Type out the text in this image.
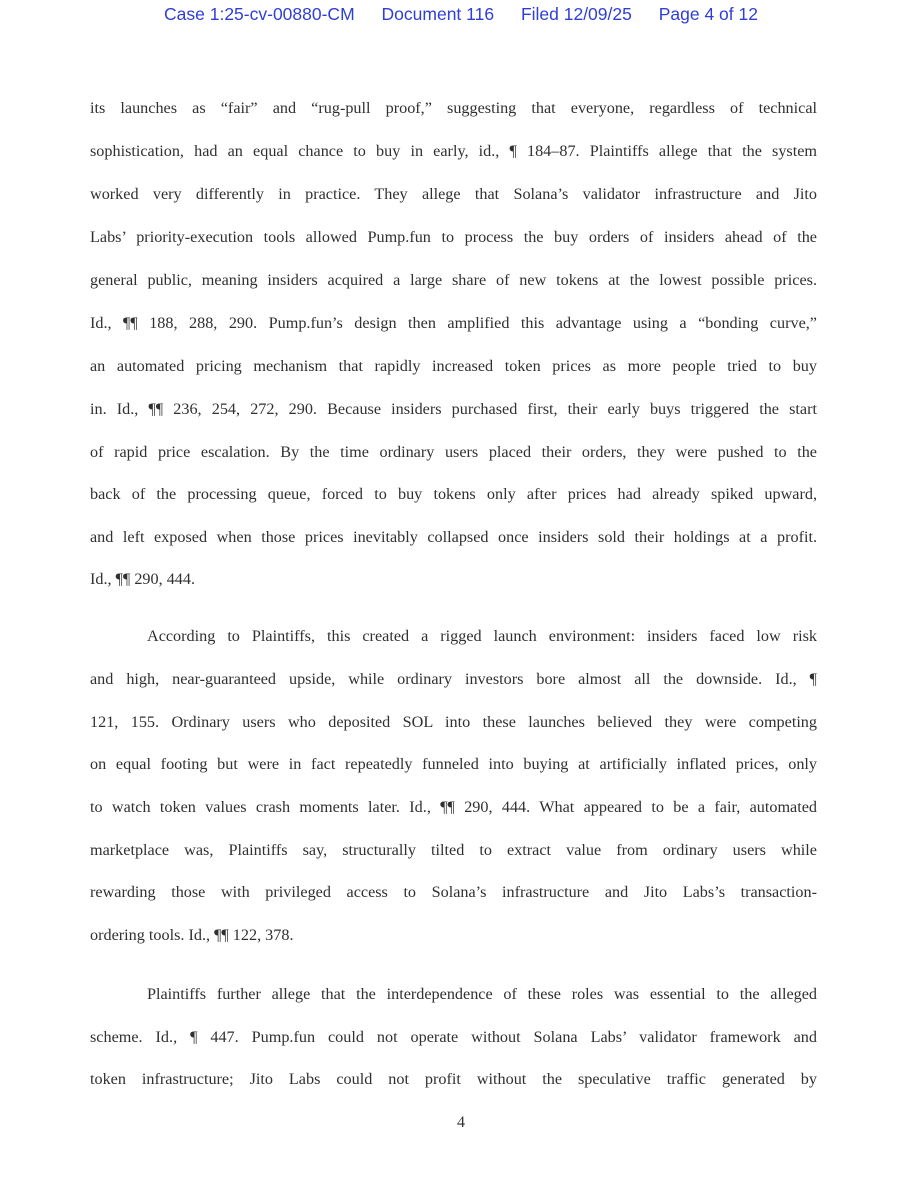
Case 1:25-cv-00880-CM Document 116 Filed 12/09/25 Page 4 of 12
its launches as “fair” and “rug-pull proof,” suggesting that everyone, regardless of technical
sophistication, had an equal chance to buy in early, id., ¶ 184–87. Plaintiffs allege that the system
worked very differently in practice. They allege that Solana’s validator infrastructure and Jito
Labs’ priority-execution tools allowed Pump.fun to process the buy orders of insiders ahead of the
general public, meaning insiders acquired a large share of new tokens at the lowest possible prices.
Id., ¶¶ 188, 288, 290. Pump.fun’s design then amplified this advantage using a “bonding curve,”
an automated pricing mechanism that rapidly increased token prices as more people tried to buy
in. Id., ¶¶ 236, 254, 272, 290. Because insiders purchased first, their early buys triggered the start
of rapid price escalation. By the time ordinary users placed their orders, they were pushed to the
back of the processing queue, forced to buy tokens only after prices had already spiked upward,
and left exposed when those prices inevitably collapsed once insiders sold their holdings at a profit.
Id., ¶¶ 290, 444.
According to Plaintiffs, this created a rigged launch environment: insiders faced low risk
and high, near-guaranteed upside, while ordinary investors bore almost all the downside. Id., ¶
121, 155. Ordinary users who deposited SOL into these launches believed they were competing
on equal footing but were in fact repeatedly funneled into buying at artificially inflated prices, only
to watch token values crash moments later. Id., ¶¶ 290, 444. What appeared to be a fair, automated
marketplace was, Plaintiffs say, structurally tilted to extract value from ordinary users while
rewarding those with privileged access to Solana’s infrastructure and Jito Labs’s transaction-
ordering tools. Id., ¶¶ 122, 378.
Plaintiffs further allege that the interdependence of these roles was essential to the alleged
scheme. Id., ¶ 447. Pump.fun could not operate without Solana Labs’ validator framework and
token infrastructure; Jito Labs could not profit without the speculative traffic generated by
4
